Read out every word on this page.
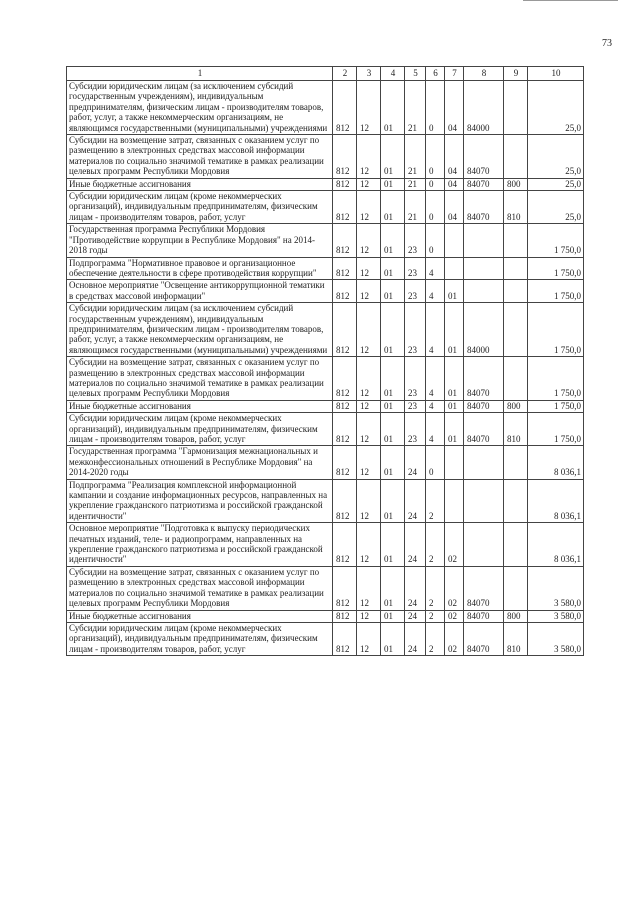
73
1	2	3	4	5	6	7	8	9	10
Субсидии юридическим лицам (за исключением субсидий государственным учреждениям), индивидуальным предпринимателям, физическим лицам - производителям товаров, работ, услуг, а также некоммерческим организациям, не являющимся государственными (муниципальными) учреждениями	812	12	01	21	0	04	84000		25,0
Субсидии на возмещение затрат, связанных с оказанием услуг по размещению в электронных средствах массовой информации материалов по социально значимой тематике в рамках реализации целевых программ Республики Мордовия	812	12	01	21	0	04	84070		25,0
Иные бюджетные ассигнования	812	12	01	21	0	04	84070	800	25,0
Субсидии юридическим лицам (кроме некоммерческих организаций), индивидуальным предпринимателям, физическим лицам - производителям товаров, работ, услуг	812	12	01	21	0	04	84070	810	25,0
Государственная программа Республики Мордовия "Противодействие коррупции в Республике Мордовия" на 2014-2018 годы	812	12	01	23	0				1 750,0
Подпрограмма "Нормативное правовое и организационное обеспечение деятельности в сфере противодействия коррупции"	812	12	01	23	4				1 750,0
Основное мероприятие "Освещение антикоррупционной тематики в средствах массовой информации"	812	12	01	23	4	01			1 750,0
Субсидии юридическим лицам (за исключением субсидий государственным учреждениям), индивидуальным предпринимателям, физическим лицам - производителям товаров, работ, услуг, а также некоммерческим организациям, не являющимся государственными (муниципальными) учреждениями	812	12	01	23	4	01	84000		1 750,0
Субсидии на возмещение затрат, связанных с оказанием услуг по размещению в электронных средствах массовой информации материалов по социально значимой тематике в рамках реализации целевых программ Республики Мордовия	812	12	01	23	4	01	84070		1 750,0
Иные бюджетные ассигнования	812	12	01	23	4	01	84070	800	1 750,0
Субсидии юридическим лицам (кроме некоммерческих организаций), индивидуальным предпринимателям, физическим лицам - производителям товаров, работ, услуг	812	12	01	23	4	01	84070	810	1 750,0
Государственная программа "Гармонизация межнациональных и межконфессиональных отношений в Республике Мордовия" на 2014-2020 годы	812	12	01	24	0				8 036,1
Подпрограмма "Реализация комплексной информационной кампании и создание информационных ресурсов, направленных на укрепление гражданского патриотизма и российской гражданской идентичности"	812	12	01	24	2				8 036,1
Основное мероприятие "Подготовка к выпуску периодических печатных изданий, теле- и радиопрограмм, направленных на укрепление гражданского патриотизма и российской гражданской идентичности"	812	12	01	24	2	02			8 036,1
Субсидии на возмещение затрат, связанных с оказанием услуг по размещению в электронных средствах массовой информации материалов по социально значимой тематике в рамках реализации целевых программ Республики Мордовия	812	12	01	24	2	02	84070		3 580,0
Иные бюджетные ассигнования	812	12	01	24	2	02	84070	800	3 580,0
Субсидии юридическим лицам (кроме некоммерческих организаций), индивидуальным предпринимателям, физическим лицам - производителям товаров, работ, услуг	812	12	01	24	2	02	84070	810	3 580,0
